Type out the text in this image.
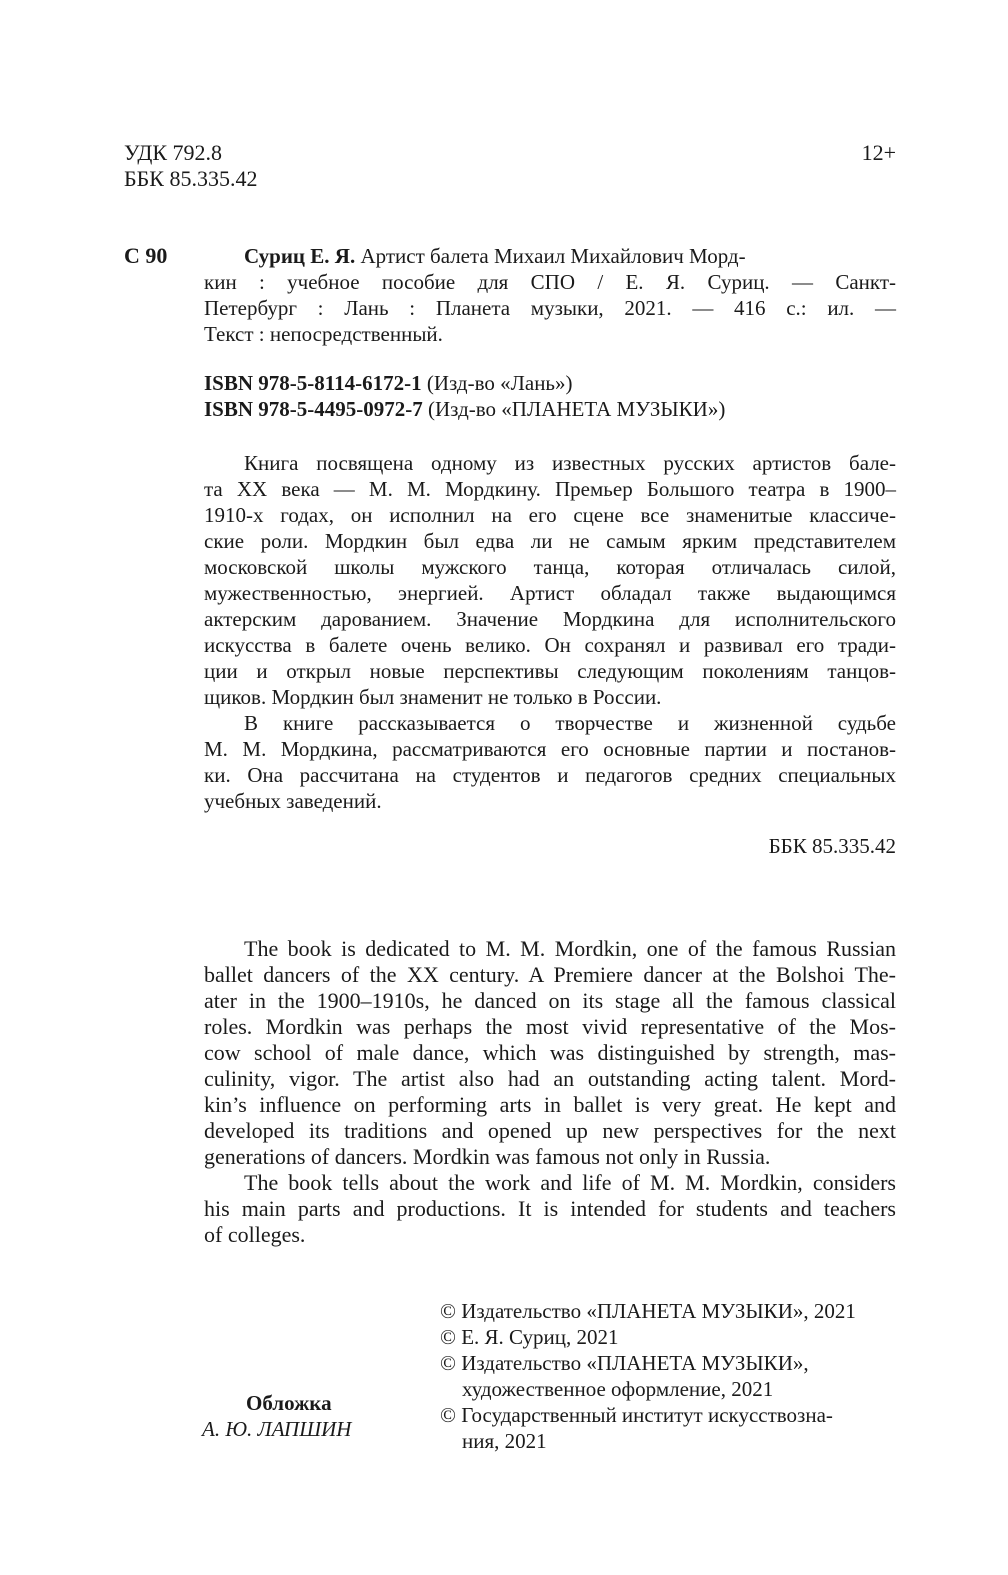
УДК 792.8
ББК 85.335.42
12+
С 90	Суриц Е. Я. Артист балета Михаил Михайлович Морд-
кин : учебное пособие для СПО / Е. Я. Суриц. — Санкт-
Петербург : Лань : Планета музыки, 2021. — 416 с.: ил. —
Текст : непосредственный.
ISBN 978-5-8114-6172-1 (Изд-во «Лань»)
ISBN 978-5-4495-0972-7 (Изд-во «ПЛАНЕТА МУЗЫКИ»)
Книга посвящена одному из известных русских артистов бале-
та XX века — М. М. Мордкину. Премьер Большого театра в 1900–
1910-х годах, он исполнил на его сцене все знаменитые классиче-
ские роли. Мордкин был едва ли не самым ярким представителем
московской школы мужского танца, которая отличалась силой,
мужественностью, энергией. Артист обладал также выдающимся
актерским дарованием. Значение Мордкина для исполнительского
искусства в балете очень велико. Он сохранял и развивал его тради-
ции и открыл новые перспективы следующим поколениям танцов-
щиков. Мордкин был знаменит не только в России.
В книге рассказывается о творчестве и жизненной судьбе
М. М. Мордкина, рассматриваются его основные партии и постанов-
ки. Она рассчитана на студентов и педагогов средних специальных
учебных заведений.
ББК 85.335.42
The book is dedicated to M. M. Mordkin, one of the famous Russian
ballet dancers of the XX century. A Premiere dancer at the Bolshoi The-
ater in the 1900–1910s, he danced on its stage all the famous classical
roles. Mordkin was perhaps the most vivid representative of the Mos-
cow school of male dance, which was distinguished by strength, mas-
culinity, vigor. The artist also had an outstanding acting talent. Mord-
kin’s influence on performing arts in ballet is very great. He kept and
developed its traditions and opened up new perspectives for the next
generations of dancers. Mordkin was famous not only in Russia.
The book tells about the work and life of M. M. Mordkin, considers
his main parts and productions. It is intended for students and teachers
of colleges.
© Издательство «ПЛАНЕТА МУЗЫКИ», 2021
© Е. Я. Суриц, 2021
© Издательство «ПЛАНЕТА МУЗЫКИ»,
художественное оформление, 2021
© Государственный институт искусствозна-
ния, 2021
Обложка
А. Ю. ЛАПШИН
